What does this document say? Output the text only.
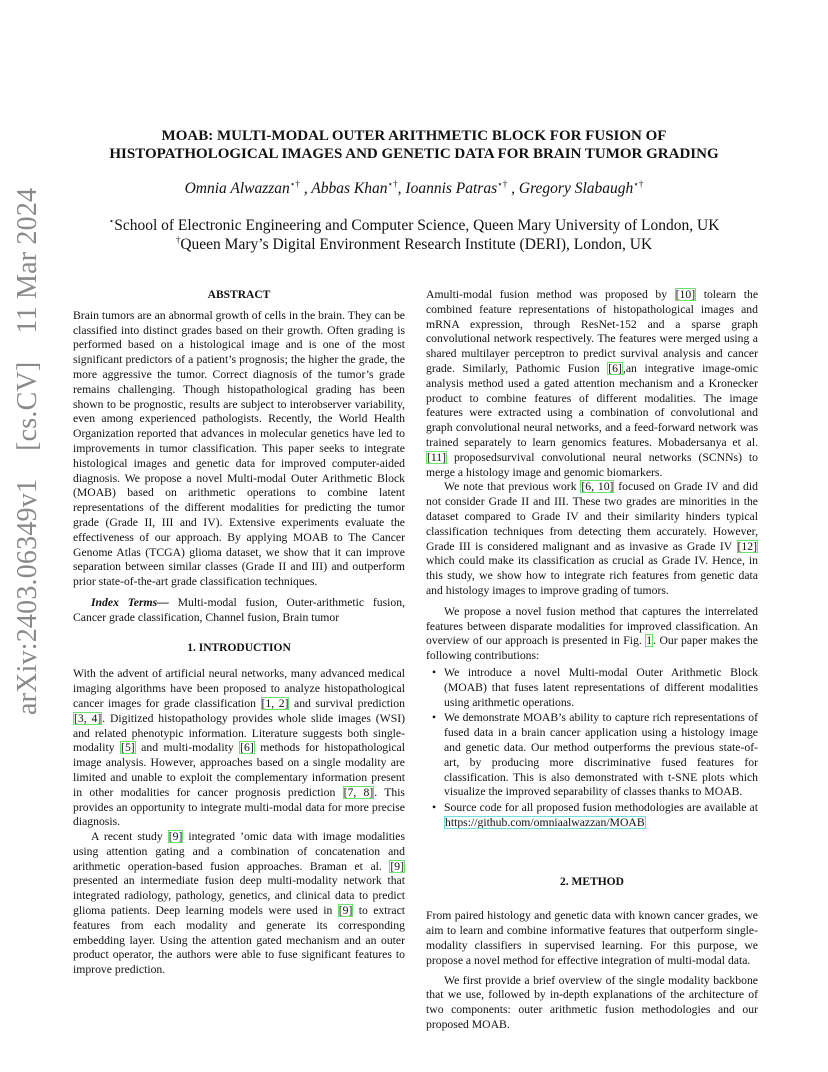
arXiv:2403.06349v1[cs.CV]11 Mar 2024
MOAB: MULTI-MODAL OUTER ARITHMETIC BLOCK FOR FUSION OF
HISTOPATHOLOGICAL IMAGES AND GENETIC DATA FOR BRAIN TUMOR GRADING
Omnia Alwazzan⋆† , Abbas Khan⋆†, Ioannis Patras⋆† , Gregory Slabaugh⋆†
⋆School of Electronic Engineering and Computer Science, Queen Mary University of London, UK
†Queen Mary’s Digital Environment Research Institute (DERI), London, UK
ABSTRACT

Brain tumors are an abnormal growth of cells in the brain. They can be classified into distinct grades based on their growth. Often grading is performed based on a histological image and is one of the most significant predictors of a patient’s prognosis; the higher the grade, the more aggressive the tumor. Correct diagnosis of the tumor’s grade remains challenging. Though histopathological grading has been shown to be prognostic, results are subject to interobserver variability, even among experienced pathologists. Recently, the World Health Organization reported that advances in molecular genetics have led to improvements in tumor classification. This paper seeks to integrate histological images and genetic data for improved computer-aided diagnosis. We propose a novel Multi-modal Outer Arithmetic Block (MOAB) based on arithmetic operations to combine latent representations of the different modalities for predicting the tumor grade (Grade II, III and IV). Extensive experiments evaluate the effectiveness of our approach. By applying MOAB to The Cancer Genome Atlas (TCGA) glioma dataset, we show that it can improve separation between similar classes (Grade II and III) and outperform prior state-of-the-art grade classification techniques.

Index Terms— Multi-modal fusion, Outer-arithmetic fusion, Cancer grade classification, Channel fusion, Brain tumor

1. INTRODUCTION

With the advent of artificial neural networks, many advanced medical imaging algorithms have been proposed to analyze histopathological cancer images for grade classification [1, 2] and survival prediction [3, 4]. Digitized histopathology provides whole slide images (WSI) and related phenotypic information. Literature suggests both single-modality [5] and multi-modality [6] methods for histopathological image analysis. However, approaches based on a single modality are limited and unable to exploit the complementary information present in other modalities for cancer prognosis prediction [7, 8]. This provides an opportunity to integrate multi-modal data for more precise diagnosis.

A recent study [9] integrated ’omic data with image modalities using attention gating and a combination of concatenation and arithmetic operation-based fusion approaches. Braman et al. [9] presented an intermediate fusion deep multi-modality network that integrated radiology, pathology, genetics, and clinical data to predict glioma patients. Deep learning models were used in [9] to extract features from each modality and generate its corresponding embedding layer. Using the attention gated mechanism and an outer product operator, the authors were able to fuse significant features to improve prediction.

Amulti-modal fusion method was proposed by [10] tolearn the combined feature representations of histopathological images and mRNA expression, through ResNet-152 and a sparse graph convolutional network respectively. The features were merged using a shared multilayer perceptron to predict survival analysis and cancer grade. Similarly, Pathomic Fusion [6],an integrative image-omic analysis method used a gated attention mechanism and a Kronecker product to combine features of different modalities. The image features were extracted using a combination of convolutional and graph convolutional neural networks, and a feed-forward network was trained separately to learn genomics features. Mobadersanya et al. [11] proposedsurvival convolutional neural networks (SCNNs) to merge a histology image and genomic biomarkers.

We note that previous work [6, 10] focused on Grade IV and did not consider Grade II and III. These two grades are minorities in the dataset compared to Grade IV and their similarity hinders typical classification techniques from detecting them accurately. However, Grade III is considered malignant and as invasive as Grade IV [12] which could make its classification as crucial as Grade IV. Hence, in this study, we show how to integrate rich features from genetic data and histology images to improve grading of tumors.

We propose a novel fusion method that captures the interrelated features between disparate modalities for improved classification. An overview of our approach is presented in Fig. 1. Our paper makes the following contributions:

• We introduce a novel Multi-modal Outer Arithmetic Block (MOAB) that fuses latent representations of different modalities using arithmetic operations.
• We demonstrate MOAB’s ability to capture rich representations of fused data in a brain cancer application using a histology image and genetic data. Our method outperforms the previous state-of-art, by producing more discriminative fused features for classification. This is also demonstrated with t-SNE plots which visualize the improved separability of classes thanks to MOAB.
• Source code for all proposed fusion methodologies are available at https://github.com/omniaalwazzan/MOAB
2. METHOD

From paired histology and genetic data with known cancer grades, we aim to learn and combine informative features that outperform single-modality classifiers in supervised learning. For this purpose, we propose a novel method for effective integration of multi-modal data.

We first provide a brief overview of the single modality backbone that we use, followed by in-depth explanations of the architecture of two components: outer arithmetic fusion methodologies and our proposed MOAB.
